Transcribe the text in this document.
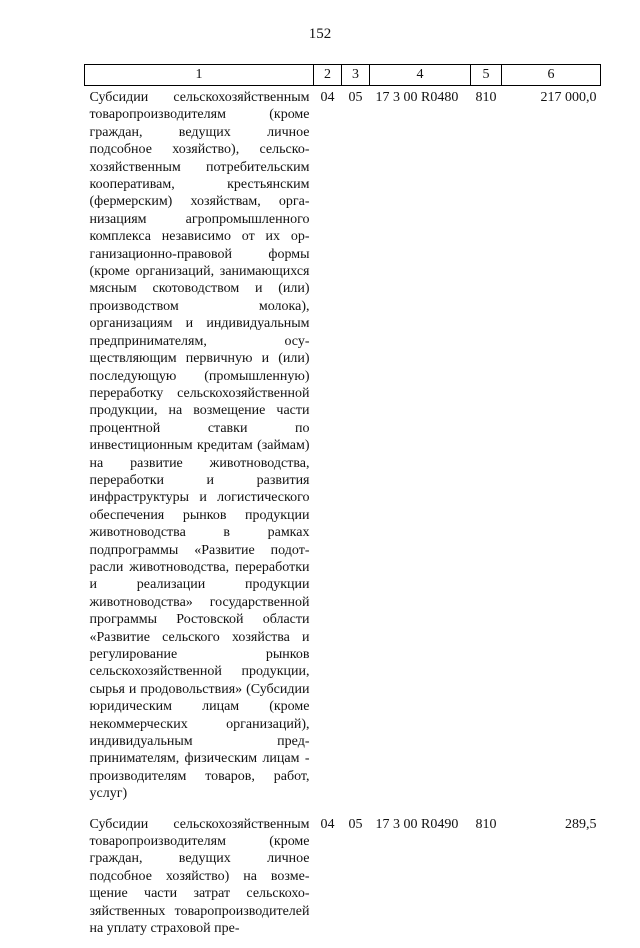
152
1	2	3	4	5	6
Субсидии сельскохозяйственным товаропроизводителям (кроме граждан, ведущих личное подсобное хозяйство), сельскохозяйственным потребительским кооперативам, крестьянским (фермерским) хозяйствам, организациям агропромышленного комплекса независимо от их организационно-правовой формы (кроме организаций, занимающихся мясным скотоводством и (или) производством молока), организациям и индивидуальным предпринимателям, осуществляющим первичную и (или) последующую (промышленную) переработку сельскохозяйственной продукции, на возмещение части процентной ставки по инвестиционным кредитам (займам) на развитие животноводства, переработки и развития инфраструктуры и логистического обеспечения рынков продукции животноводства в рамках подпрограммы «Развитие подотрасли животноводства, переработки и реализации продукции животноводства» государственной программы Ростовской области «Развитие сельского хозяйства и регулирование рынков сельскохозяйственной продукции, сырья и продовольствия» (Субсидии юридическим лицам (кроме некоммерческих организаций), индивидуальным предпринимателям, физическим лицам - производителям товаров, работ, услуг)	04	05	17 3 00 R0480	810	217 000,0
Субсидии сельскохозяйственным товаропроизводителям (кроме граждан, ведущих личное подсобное хозяйство) на возмещение части затрат сельскохозяйственных товаропроизводителей на уплату страховой пре-	04	05	17 3 00 R0490	810	289,5
